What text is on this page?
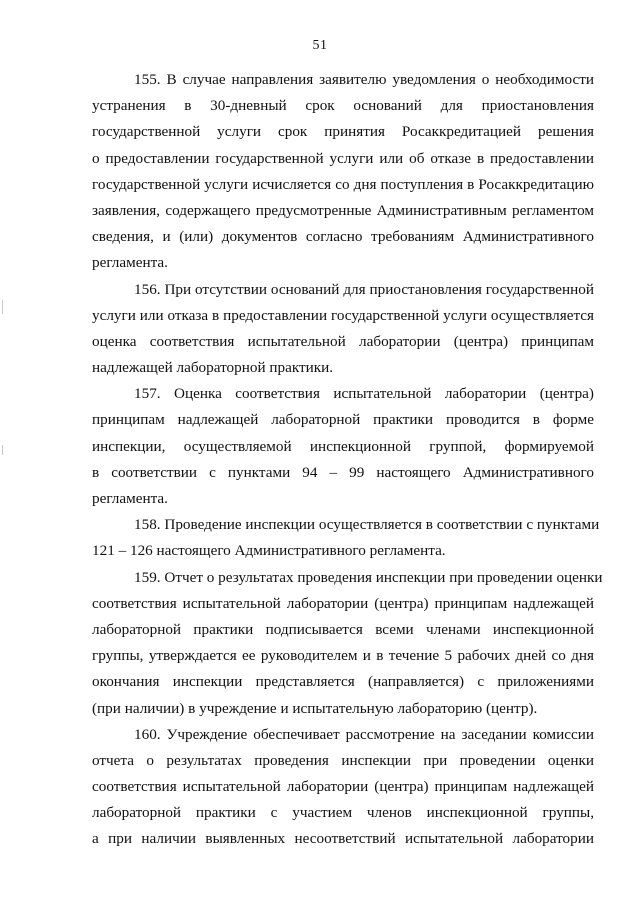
51
155. В случае направления заявителю уведомления о необходимости
устранения в 30-дневный срок оснований для приостановления
государственной услуги срок принятия Росаккредитацией решения
о предоставлении государственной услуги или об отказе в предоставлении
государственной услуги исчисляется со дня поступления в Росаккредитацию
заявления, содержащего предусмотренные Административным регламентом
сведения, и (или) документов согласно требованиям Административного
регламента.
156. При отсутствии оснований для приостановления государственной
услуги или отказа в предоставлении государственной услуги осуществляется
оценка соответствия испытательной лаборатории (центра) принципам
надлежащей лабораторной практики.
157. Оценка соответствия испытательной лаборатории (центра)
принципам надлежащей лабораторной практики проводится в форме
инспекции, осуществляемой инспекционной группой, формируемой
в соответствии с пунктами 94 – 99 настоящего Административного
регламента.
158. Проведение инспекции осуществляется в соответствии с пунктами
121 – 126 настоящего Административного регламента.
159. Отчет о результатах проведения инспекции при проведении оценки
соответствия испытательной лаборатории (центра) принципам надлежащей
лабораторной практики подписывается всеми членами инспекционной
группы, утверждается ее руководителем и в течение 5 рабочих дней со дня
окончания инспекции представляется (направляется) с приложениями
(при наличии) в учреждение и испытательную лабораторию (центр).
160. Учреждение обеспечивает рассмотрение на заседании комиссии
отчета о результатах проведения инспекции при проведении оценки
соответствия испытательной лаборатории (центра) принципам надлежащей
лабораторной практики с участием членов инспекционной группы,
а при наличии выявленных несоответствий испытательной лаборатории
